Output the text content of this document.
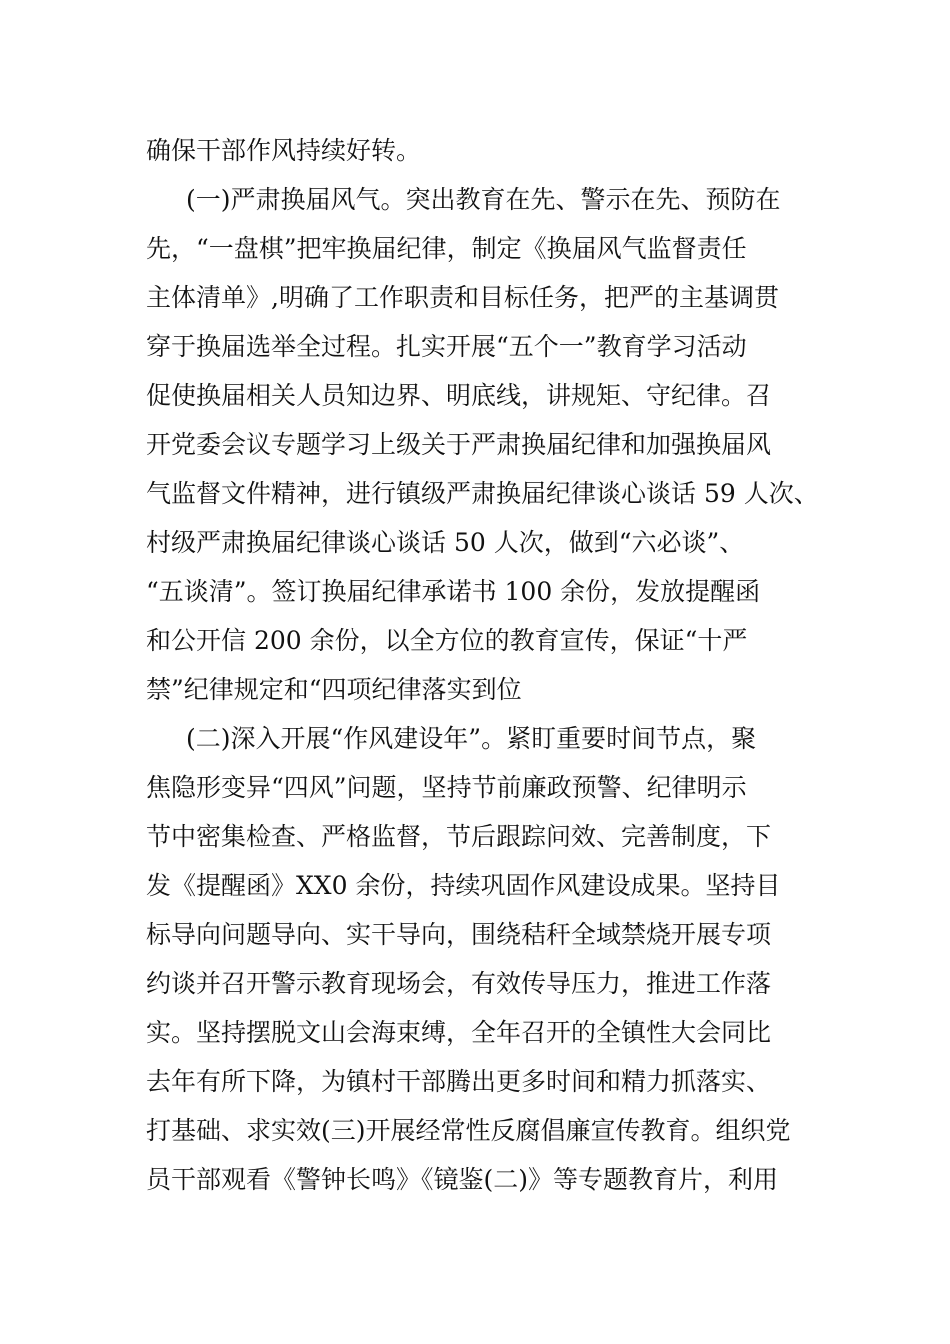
确保干部作风持续好转。
(一)严肃换届风气。突出教育在先、警示在先、预防在
先，“一盘棋”把牢换届纪律，制定《换届风气监督责任
主体清单》,明确了工作职责和目标任务，把严的主基调贯
穿于换届选举全过程。扎实开展“五个一”教育学习活动
促使换届相关人员知边界、明底线，讲规矩、守纪律。召
开党委会议专题学习上级关于严肃换届纪律和加强换届风
气监督文件精神，进行镇级严肃换届纪律谈心谈话 59 人次、
村级严肃换届纪律谈心谈话 50 人次，做到“六必谈”、
“五谈清”。签订换届纪律承诺书 100 余份，发放提醒函
和公开信 200 余份，以全方位的教育宣传，保证“十严
禁”纪律规定和“四项纪律落实到位
(二)深入开展“作风建设年”。紧盯重要时间节点，聚
焦隐形变异“四风”问题，坚持节前廉政预警、纪律明示
节中密集检查、严格监督，节后跟踪问效、完善制度，下
发《提醒函》XX0 余份，持续巩固作风建设成果。坚持目
标导向问题导向、实干导向，围绕秸秆全域禁烧开展专项
约谈并召开警示教育现场会，有效传导压力，推进工作落
实。坚持摆脱文山会海束缚，全年召开的全镇性大会同比
去年有所下降，为镇村干部腾出更多时间和精力抓落实、
打基础、求实效(三)开展经常性反腐倡廉宣传教育。组织党
员干部观看《警钟长鸣》《镜鉴(二)》等专题教育片，利用
